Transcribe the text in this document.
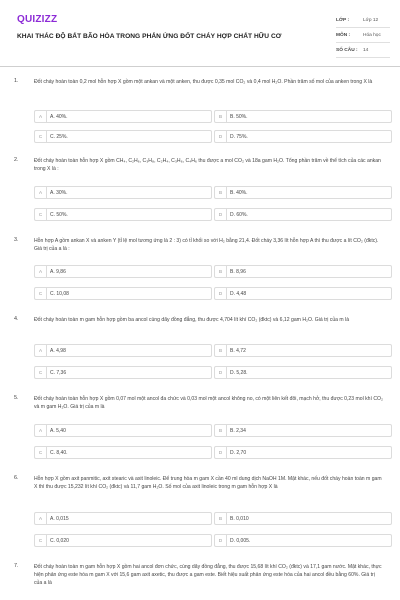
QUIZIZZ
KHAI THÁC ĐỘ BẤT BÃO HÒA TRONG PHẢN ỨNG ĐỐT CHÁY HỢP CHẤT HỮU CƠ
LỚP :	Lớp 12
MÔN :	Hóa học
SỐ CÂU :	14
1.	Đốt cháy hoàn toàn 0,2 mol hỗn hợp X gồm một ankan và một anken, thu được 0,35 mol CO₂ và 0,4 mol H₂O. Phần trăm số mol của anken trong X là
A	A. 40%.	B	B. 50%.
C	C. 25%.	D	D. 75%.
2.	Đốt cháy hoàn toàn hỗn hợp X gồm CH₄, C₂H₆, C₃H₈, C₂H₄, C₃H₆, C₄H₆ thu được a mol CO₂ và 18a gam H₂O. Tổng phần trăm về thể tích của các ankan trong X là :
A	A. 30%.	B	B. 40%.
C	C. 50%.	D	D. 60%.
3.	Hỗn hợp A gồm ankan X và anken Y (tỉ lệ mol tương ứng là 2 : 3) có tỉ khối so với H₂ bằng 21,4. Đốt cháy 3,36 lít hỗn hợp A thì thu được a lít CO₂ (đktc). Giá trị của a là :
A	A. 9,86	B	B. 8,96
C	C. 10,08	D	D. 4,48
4.	Đốt cháy hoàn toàn m gam hỗn hợp gồm ba ancol cùng dãy đồng đẳng, thu được 4,704 lít khí CO₂ (đktc) và 6,12 gam H₂O. Giá trị của m là
A	A. 4,98	B	B. 4,72
C	C. 7,36	D	D. 5,28.
5.	Đốt cháy hoàn toàn hỗn hợp X gồm 0,07 mol một ancol đa chức và 0,03 mol một ancol không no, có một liên kết đôi, mạch hở, thu được 0,23 mol khí CO₂ và m gam H₂O. Giá trị của m là
A	A. 5,40	B	B. 2,34
C	C. 8,40.	D	D. 2,70
6.	Hỗn hợp X gồm axit panmitic, axit stearic và axit linoleic. Để trung hòa m gam X cần 40 ml dung dịch NaOH 1M. Mặt khác, nếu đốt cháy hoàn toàn m gam X thì thu được 15,232 lít khí CO₂ (đktc) và 11,7 gam H₂O. Số mol của axit linoleic trong m gam hỗn hợp X là
A	A. 0,015	B	B. 0,010
C	C. 0,020	D	D. 0,005.
7.	Đốt cháy hoàn toàn m gam hỗn hợp X gồm hai ancol đơn chức, cùng dãy đồng đẳng, thu được 15,68 lít khí CO₂ (đktc) và 17,1 gam nước. Mặt khác, thực hiện phản ứng este hóa m gam X với 15,6 gam axit axetic, thu được a gam este. Biết hiệu suất phản ứng este hóa của hai ancol đều bằng 60%. Giá trị của a là
